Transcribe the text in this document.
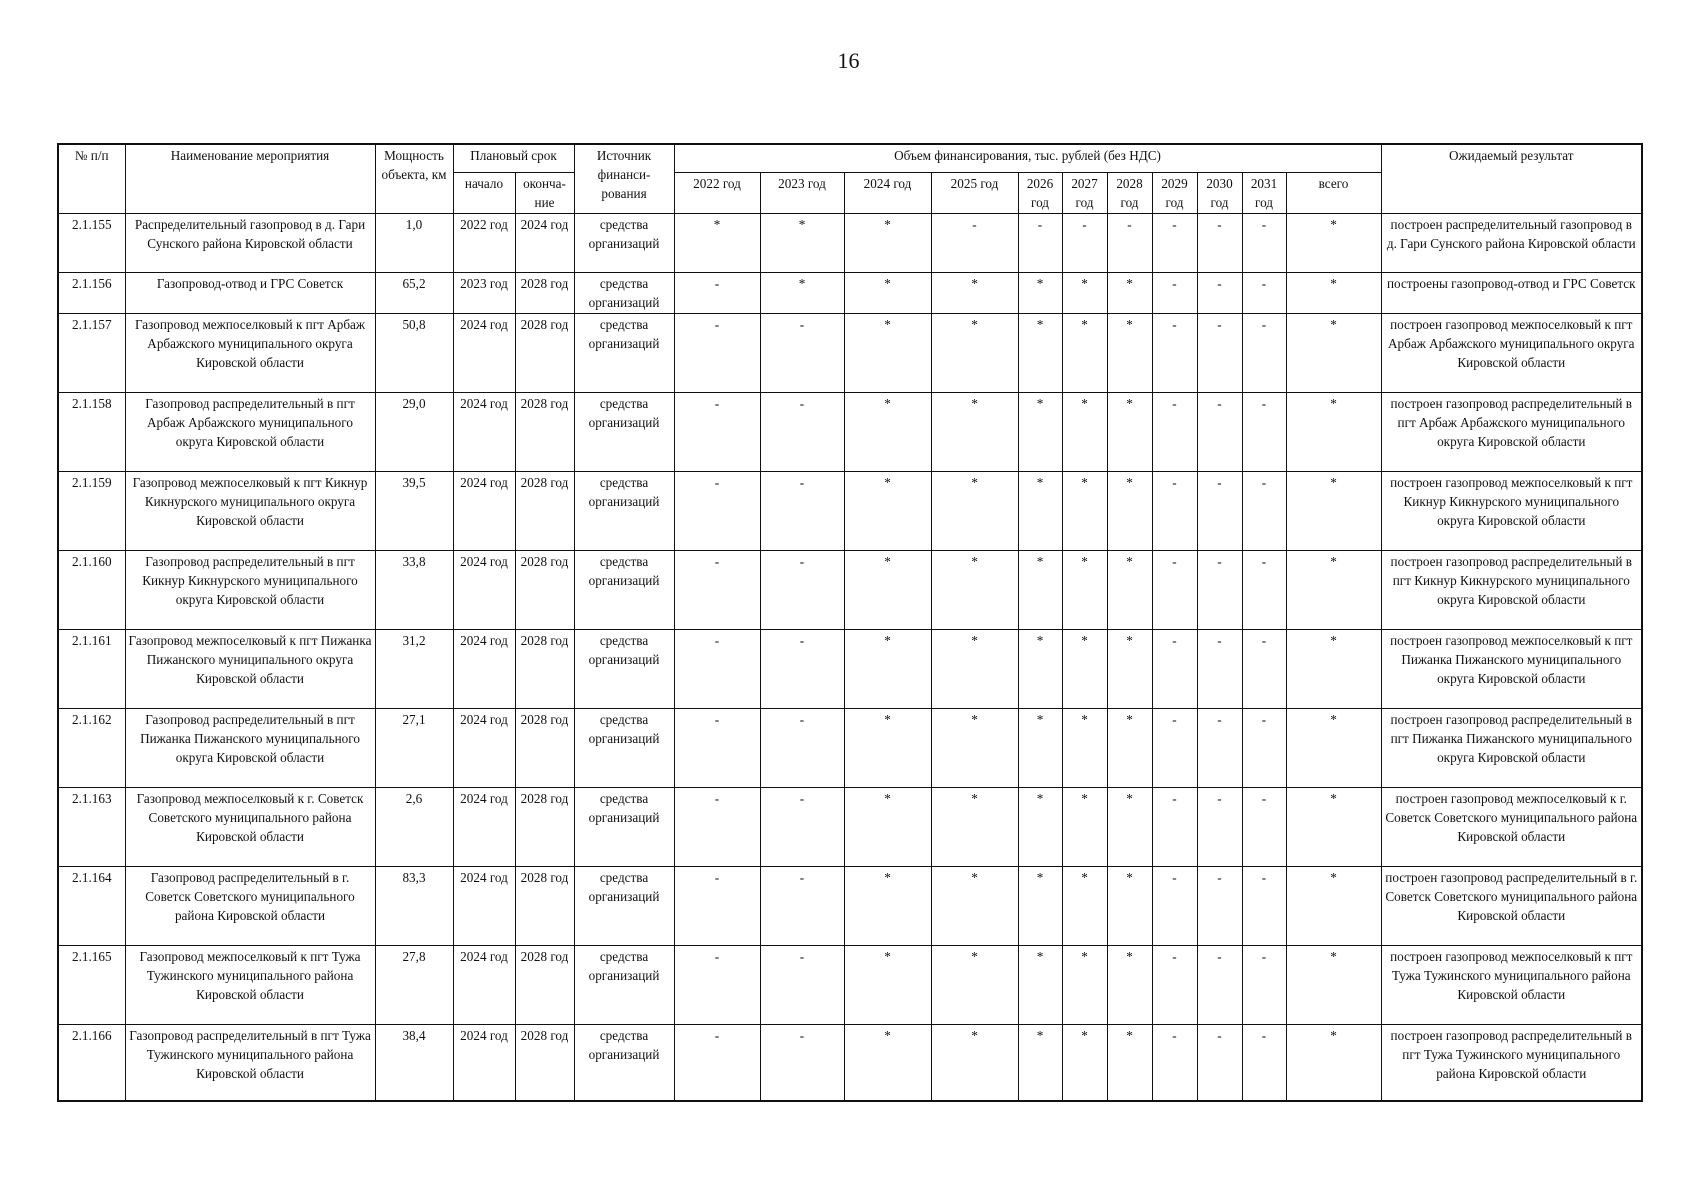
16
№ п/п	Наименование мероприятия	Мощность объекта, км	Плановый срок		Источник финанси-рования	Объем финансирования, тыс. рублей (без НДС)											Ожидаемый результат
			начало	оконча-ние		2022 год	2023 год	2024 год	2025 год	2026 год	2027 год	2028 год	2029 год	2030 год	2031 год	всего	
2.1.155	Распределительный газопровод в д. Гари Сунского района Кировской области	1,0	2022 год	2024 год	средства организаций	*	*	*	-	-	-	-	-	-	-	*	построен распределительный газопровод в д. Гари Сунского района Кировской области
2.1.156	Газопровод-отвод и ГРС Советск	65,2	2023 год	2028 год	средства организаций	-	*	*	*	*	*	*	-	-	-	*	построены газопровод-отвод и ГРС Советск
2.1.157	Газопровод межпоселковый к пгт Арбаж Арбажского муниципального округа Кировской области	50,8	2024 год	2028 год	средства организаций	-	-	*	*	*	*	*	-	-	-	*	построен газопровод межпоселковый к пгт Арбаж Арбажского муниципального округа Кировской области
2.1.158	Газопровод распределительный в пгт Арбаж Арбажского муниципального округа Кировской области	29,0	2024 год	2028 год	средства организаций	-	-	*	*	*	*	*	-	-	-	*	построен газопровод распределительный в пгт Арбаж Арбажского муниципального округа Кировской области
2.1.159	Газопровод межпоселковый к пгт Кикнур Кикнурского муниципального округа Кировской области	39,5	2024 год	2028 год	средства организаций	-	-	*	*	*	*	*	-	-	-	*	построен газопровод межпоселковый к пгт Кикнур Кикнурского муниципального округа Кировской области
2.1.160	Газопровод распределительный в пгт Кикнур Кикнурского муниципального округа Кировской области	33,8	2024 год	2028 год	средства организаций	-	-	*	*	*	*	*	-	-	-	*	построен газопровод распределительный в пгт Кикнур Кикнурского муниципального округа Кировской области
2.1.161	Газопровод межпоселковый к пгт Пижанка Пижанского муниципального округа Кировской области	31,2	2024 год	2028 год	средства организаций	-	-	*	*	*	*	*	-	-	-	*	построен газопровод межпоселковый к пгт Пижанка Пижанского муниципального округа Кировской области
2.1.162	Газопровод распределительный в пгт Пижанка Пижанского муниципального округа Кировской области	27,1	2024 год	2028 год	средства организаций	-	-	*	*	*	*	*	-	-	-	*	построен газопровод распределительный в пгт Пижанка Пижанского муниципального округа Кировской области
2.1.163	Газопровод межпоселковый к г. Советск Советского муниципального района Кировской области	2,6	2024 год	2028 год	средства организаций	-	-	*	*	*	*	*	-	-	-	*	построен газопровод межпоселковый к г. Советск Советского муниципального района Кировской области
2.1.164	Газопровод распределительный в г. Советск Советского муниципального района Кировской области	83,3	2024 год	2028 год	средства организаций	-	-	*	*	*	*	*	-	-	-	*	построен газопровод распределительный в г. Советск Советского муниципального района Кировской области
2.1.165	Газопровод межпоселковый к пгт Тужа Тужинского муниципального района Кировской области	27,8	2024 год	2028 год	средства организаций	-	-	*	*	*	*	*	-	-	-	*	построен газопровод межпоселковый к пгт Тужа Тужинского муниципального района Кировской области
2.1.166	Газопровод распределительный в пгт Тужа Тужинского муниципального района Кировской области	38,4	2024 год	2028 год	средства организаций	-	-	*	*	*	*	*	-	-	-	*	построен газопровод распределительный в пгт Тужа Тужинского муниципального района Кировской области
